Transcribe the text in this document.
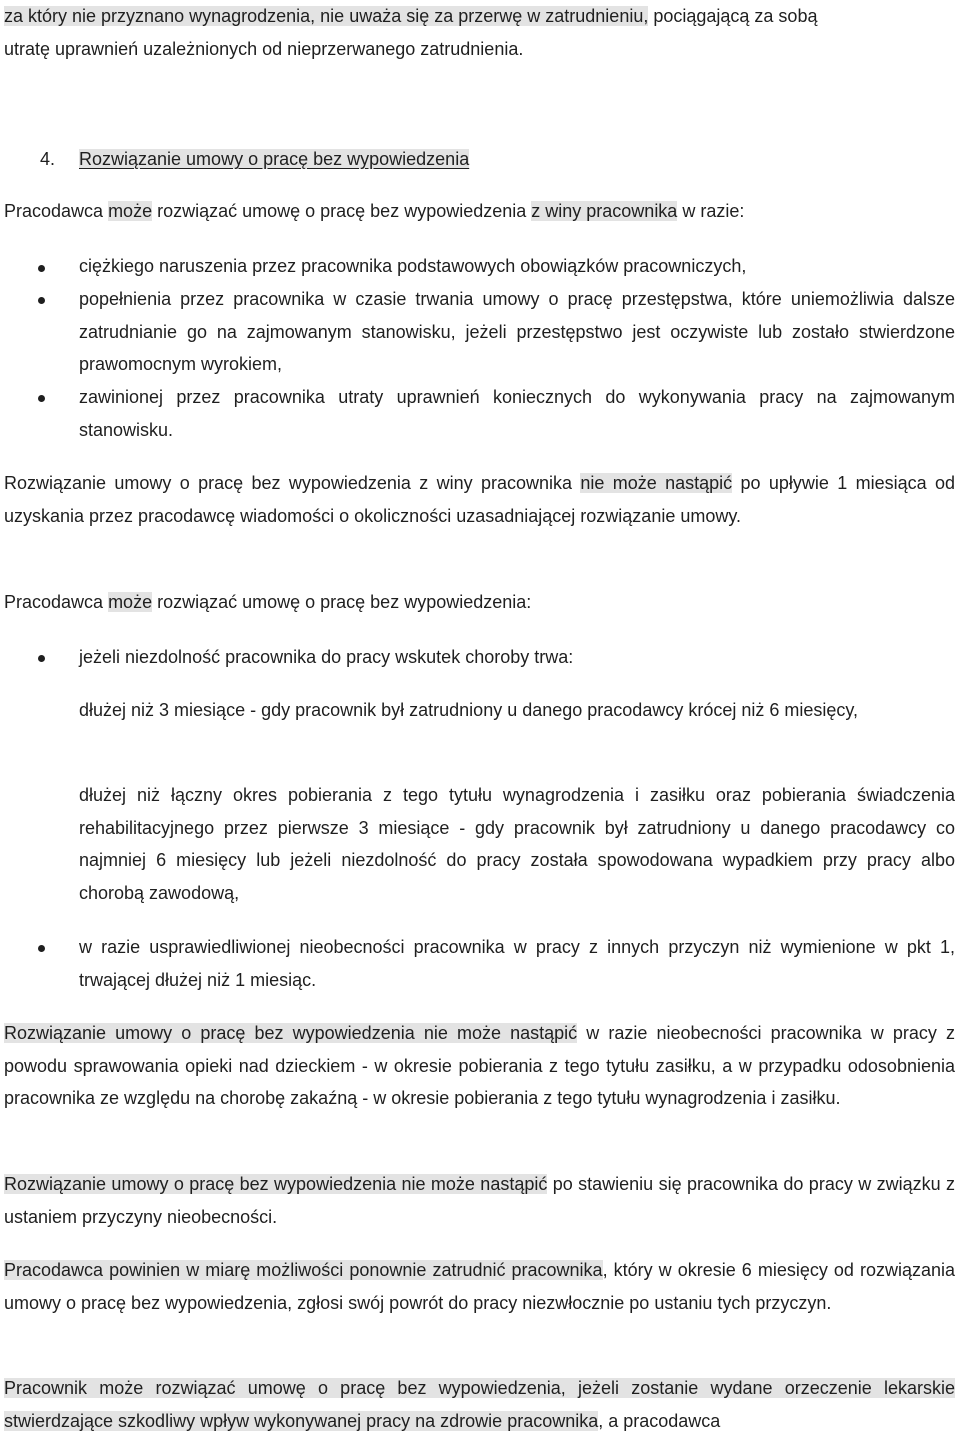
za który nie przyznano wynagrodzenia, nie uważa się za przerwę w zatrudnieniu, pociągającą za sobą
utratę uprawnień uzależnionych od nieprzerwanego zatrudnienia.

4. Rozwiązanie umowy o pracę bez wypowiedzenia

Pracodawca może rozwiązać umowę o pracę bez wypowiedzenia z winy pracownika w razie:

ciężkiego naruszenia przez pracownika podstawowych obowiązków pracowniczych,

popełnienia przez pracownika w czasie trwania umowy o pracę przestępstwa, które uniemożliwia dalsze zatrudnianie go na zajmowanym stanowisku, jeżeli przestępstwo jest oczywiste lub zostało stwierdzone prawomocnym wyrokiem,

zawinionej przez pracownika utraty uprawnień koniecznych do wykonywania pracy na zajmowanym stanowisku.

Rozwiązanie umowy o pracę bez wypowiedzenia z winy pracownika nie może nastąpić po upływie 1 miesiąca od uzyskania przez pracodawcę wiadomości o okoliczności uzasadniającej rozwiązanie umowy.

Pracodawca może rozwiązać umowę o pracę bez wypowiedzenia:

jeżeli niezdolność pracownika do pracy wskutek choroby trwa:

dłużej niż 3 miesiące - gdy pracownik był zatrudniony u danego pracodawcy krócej niż 6 miesięcy,

dłużej niż łączny okres pobierania z tego tytułu wynagrodzenia i zasiłku oraz pobierania świadczenia rehabilitacyjnego przez pierwsze 3 miesiące - gdy pracownik był zatrudniony u danego pracodawcy co najmniej 6 miesięcy lub jeżeli niezdolność do pracy została spowodowana wypadkiem przy pracy albo chorobą zawodową,

w razie usprawiedliwionej nieobecności pracownika w pracy z innych przyczyn niż wymienione w pkt 1, trwającej dłużej niż 1 miesiąc.

Rozwiązanie umowy o pracę bez wypowiedzenia nie może nastąpić w razie nieobecności pracownika w pracy z powodu sprawowania opieki nad dzieckiem - w okresie pobierania z tego tytułu zasiłku, a w przypadku odosobnienia pracownika ze względu na chorobę zakaźną - w okresie pobierania z tego tytułu wynagrodzenia i zasiłku.

Rozwiązanie umowy o pracę bez wypowiedzenia nie może nastąpić po stawieniu się pracownika do pracy w związku z ustaniem przyczyny nieobecności.

Pracodawca powinien w miarę możliwości ponownie zatrudnić pracownika, który w okresie 6 miesięcy od rozwiązania umowy o pracę bez wypowiedzenia, zgłosi swój powrót do pracy niezwłocznie po ustaniu tych przyczyn.

Pracownik może rozwiązać umowę o pracę bez wypowiedzenia, jeżeli zostanie wydane orzeczenie lekarskie stwierdzające szkodliwy wpływ wykonywanej pracy na zdrowie pracownika, a pracodawca
